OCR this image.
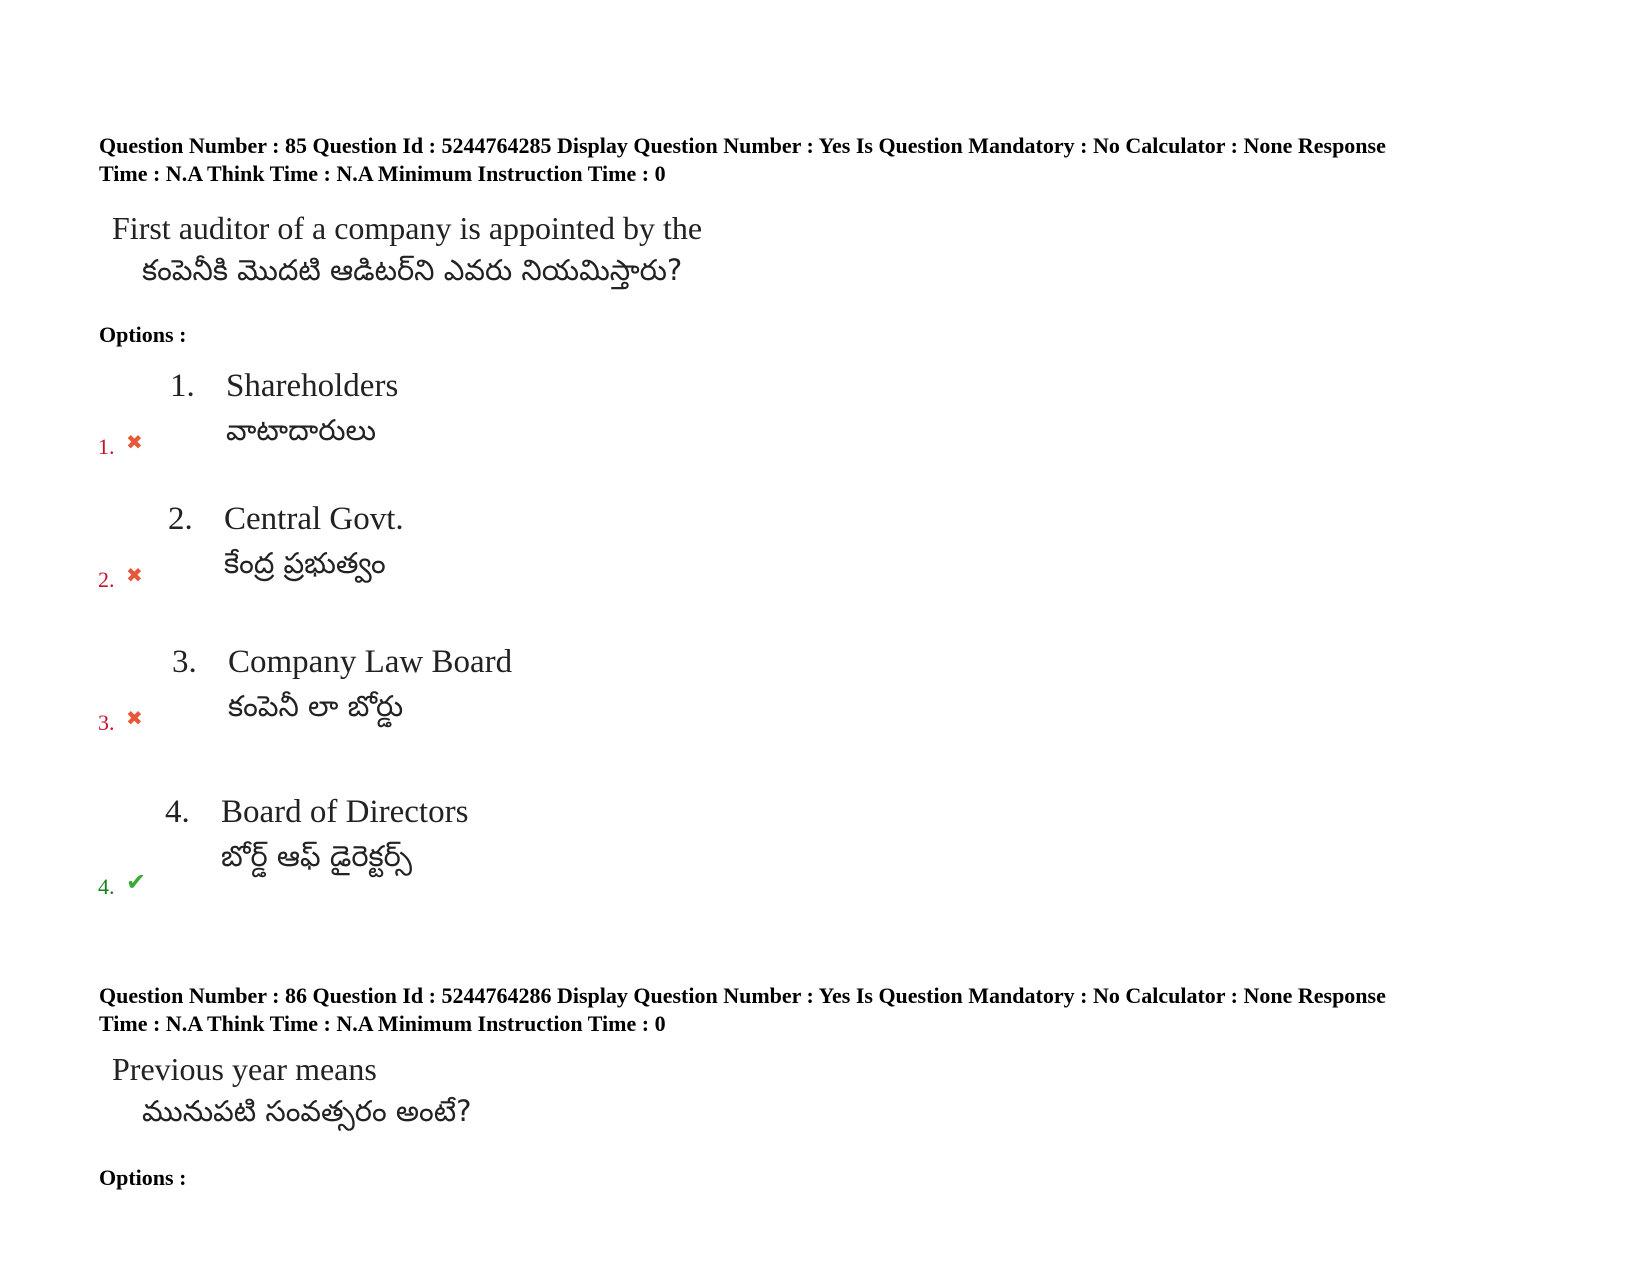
Question Number : 85 Question Id : 5244764285 Display Question Number : Yes Is Question Mandatory : No Calculator : None Response
Time : N.A Think Time : N.A Minimum Instruction Time : 0
First auditor of a company is appointed by the
కంపెనీకి మొదటి ఆడిటర్‌ని ఎవరు నియమిస్తారు?
Options :
1. Shareholders
వాటాదారులు
1. ✖
2. Central Govt.
కేంద్ర ప్రభుత్వం
2. ✖
3. Company Law Board
కంపెనీ లా బోర్డు
3. ✖
4. Board of Directors
బోర్డ్ ఆఫ్ డైరెక్టర్స్
4. ✔
Question Number : 86 Question Id : 5244764286 Display Question Number : Yes Is Question Mandatory : No Calculator : None Response
Time : N.A Think Time : N.A Minimum Instruction Time : 0
Previous year means
మునుపటి సంవత్సరం అంటే?
Options :
